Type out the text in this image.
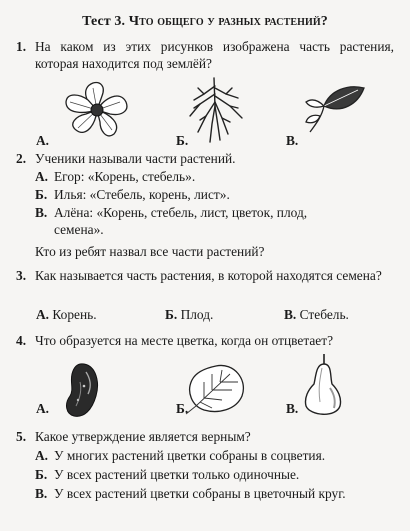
Тест 3. Что общего у разных растений?
1. На каком из этих рисунков изображена часть растения, которая находится под землёй?
А.	Б.	В.
2. Ученики называли части растений.
А. Егор: «Корень, стебель».
Б. Илья: «Стебель, корень, лист».
В. Алёна: «Корень, стебель, лист, цветок, плод,
семена».
Кто из ребят назвал все части растений?
3. Как называется часть растения, в которой находятся семена?
А. Корень.	Б. Плод.	В. Стебель.
4. Что образуется на месте цветка, когда он отцветает?
А.	Б.	В.
5. Какое утверждение является верным?
А. У многих растений цветки собраны в соцветия.
Б. У всех растений цветки только одиночные.
В. У всех растений цветки собраны в цветочный круг.
